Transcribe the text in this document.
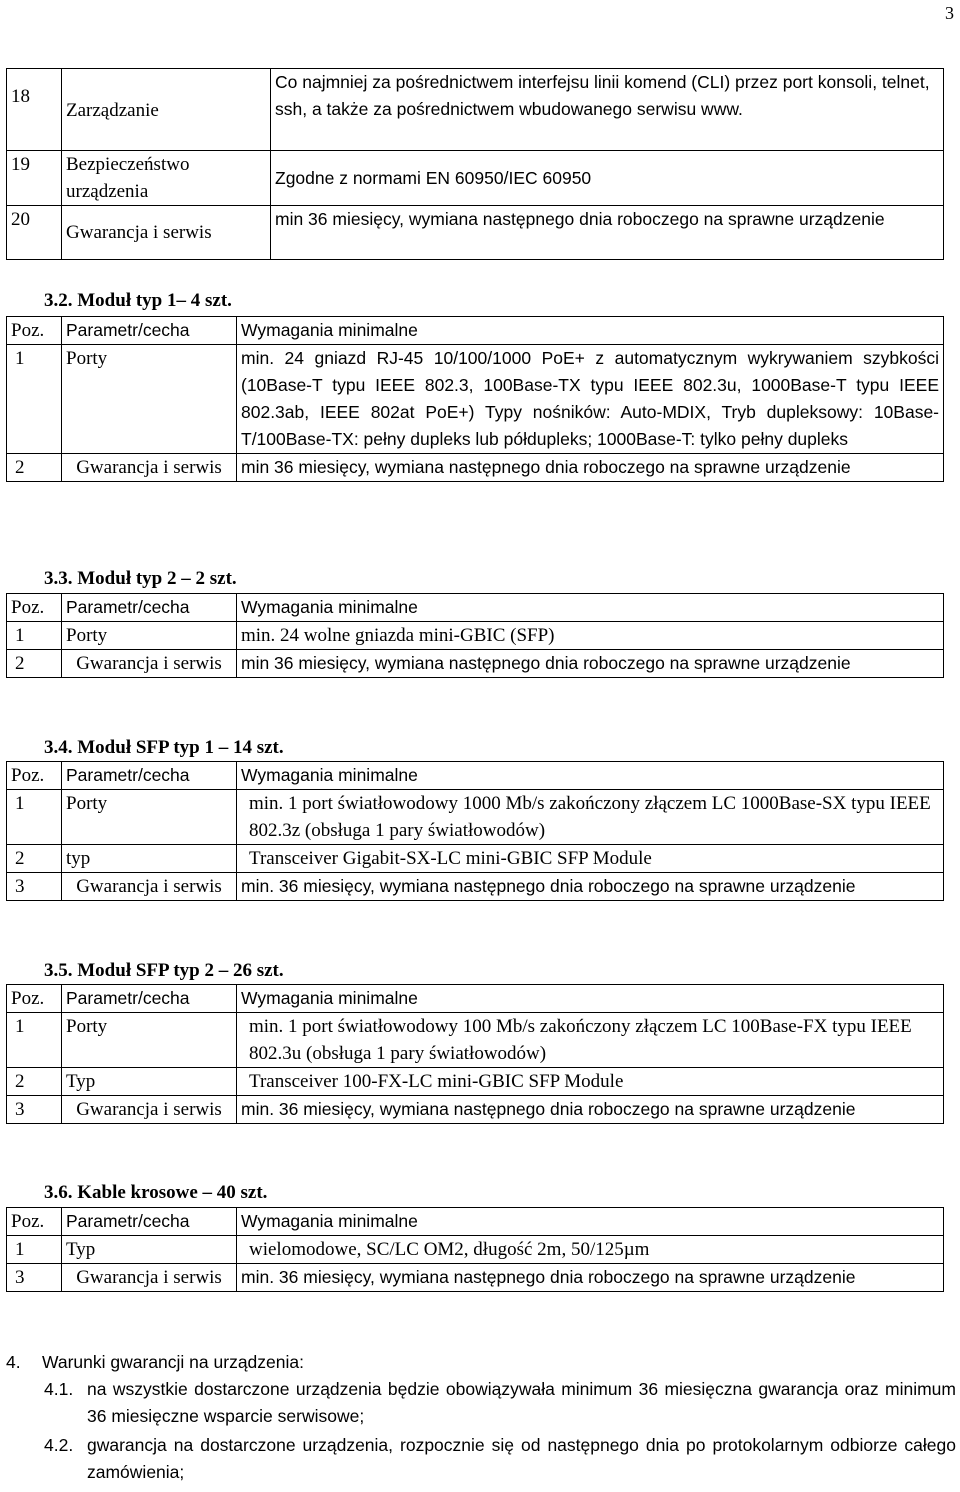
3
18	Zarządzanie	Co najmniej za pośrednictwem interfejsu linii komend (CLI) przez port konsoli, telnet, ssh, a także za pośrednictwem wbudowanego serwisu www.
19	Bezpieczeństwo urządzenia	Zgodne z normami EN 60950/IEC 60950
20	Gwarancja i serwis	min 36 miesięcy, wymiana następnego dnia roboczego na sprawne urządzenie
3.2. Moduł typ 1– 4 szt.
Poz.	Parametr/cecha	Wymagania minimalne
1	Porty	min. 24 gniazd RJ-45 10/100/1000 PoE+ z automatycznym wykrywaniem szybkości (10Base-T typu IEEE 802.3, 100Base-TX typu IEEE 802.3u, 1000Base-T typu IEEE 802.3ab, IEEE 802at PoE+) Typy nośników: Auto-MDIX, Tryb dupleksowy: 10Base-T/100Base-TX: pełny dupleks lub półdupleks; 1000Base-T: tylko pełny dupleks
2	Gwarancja i serwis	min 36 miesięcy, wymiana następnego dnia roboczego na sprawne urządzenie
3.3. Moduł typ 2 – 2 szt.
Poz.	Parametr/cecha	Wymagania minimalne
1	Porty	min. 24 wolne gniazda mini-GBIC (SFP)
2	Gwarancja i serwis	min 36 miesięcy, wymiana następnego dnia roboczego na sprawne urządzenie
3.4. Moduł SFP typ 1 – 14 szt.
Poz.	Parametr/cecha	Wymagania minimalne
1	Porty	min. 1 port światłowodowy 1000 Mb/s zakończony złączem LC 1000Base-SX typu IEEE 802.3z (obsługa 1 pary światłowodów)
2	typ	Transceiver Gigabit-SX-LC mini-GBIC SFP Module
3	Gwarancja i serwis	min. 36 miesięcy, wymiana następnego dnia roboczego na sprawne urządzenie
3.5. Moduł SFP typ 2 – 26 szt.
Poz.	Parametr/cecha	Wymagania minimalne
1	Porty	min. 1 port światłowodowy 100 Mb/s zakończony złączem LC 100Base-FX typu IEEE 802.3u (obsługa 1 pary światłowodów)
2	Typ	Transceiver 100-FX-LC mini-GBIC SFP Module
3	Gwarancja i serwis	min. 36 miesięcy, wymiana następnego dnia roboczego na sprawne urządzenie
3.6. Kable krosowe – 40 szt.
Poz.	Parametr/cecha	Wymagania minimalne
1	Typ	wielomodowe, SC/LC OM2, długość 2m, 50/125µm
3	Gwarancja i serwis	min. 36 miesięcy, wymiana następnego dnia roboczego na sprawne urządzenie
4. Warunki gwarancji na urządzenia:
4.1. na wszystkie dostarczone urządzenia będzie obowiązywała minimum 36 miesięczna gwarancja oraz minimum 36 miesięczne wsparcie serwisowe;
4.2. gwarancja na dostarczone urządzenia, rozpocznie się od następnego dnia po protokolarnym odbiorze całego zamówienia;
